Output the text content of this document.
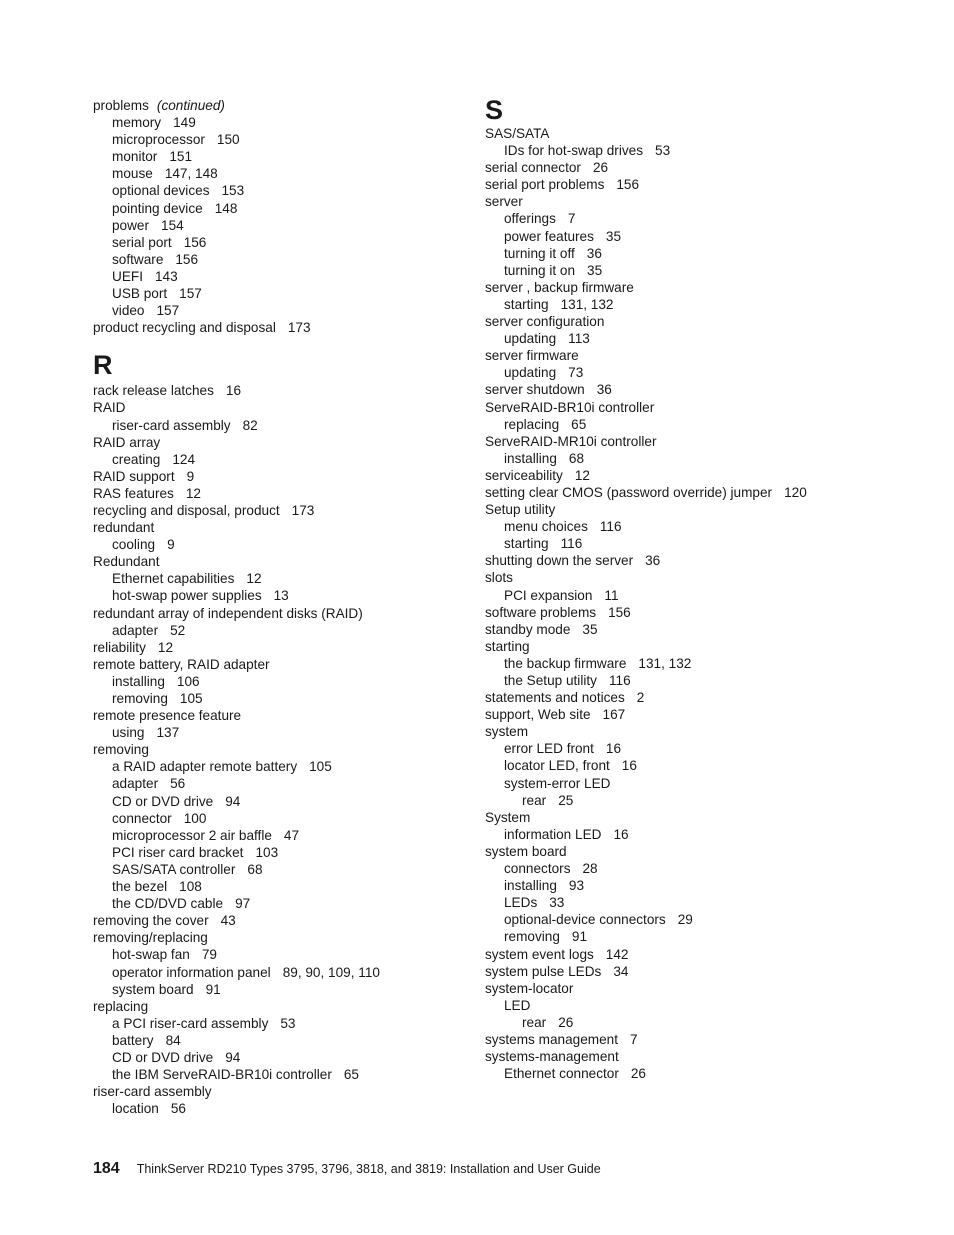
problems (continued)
memory 149
microprocessor 150
monitor 151
mouse 147, 148
optional devices 153
pointing device 148
power 154
serial port 156
software 156
UEFI 143
USB port 157
video 157
product recycling and disposal 173
R
rack release latches 16
RAID
riser-card assembly 82
RAID array
creating 124
RAID support 9
RAS features 12
recycling and disposal, product 173
redundant
cooling 9
Redundant
Ethernet capabilities 12
hot-swap power supplies 13
redundant array of independent disks (RAID)
adapter 52
reliability 12
remote battery, RAID adapter
installing 106
removing 105
remote presence feature
using 137
removing
a RAID adapter remote battery 105
adapter 56
CD or DVD drive 94
connector 100
microprocessor 2 air baffle 47
PCI riser card bracket 103
SAS/SATA controller 68
the bezel 108
the CD/DVD cable 97
removing the cover 43
removing/replacing
hot-swap fan 79
operator information panel 89, 90, 109, 110
system board 91
replacing
a PCI riser-card assembly 53
battery 84
CD or DVD drive 94
the IBM ServeRAID-BR10i controller 65
riser-card assembly
location 56
S
SAS/SATA
IDs for hot-swap drives 53
serial connector 26
serial port problems 156
server
offerings 7
power features 35
turning it off 36
turning it on 35
server , backup firmware
starting 131, 132
server configuration
updating 113
server firmware
updating 73
server shutdown 36
ServeRAID-BR10i controller
replacing 65
ServeRAID-MR10i controller
installing 68
serviceability 12
setting clear CMOS (password override) jumper 120
Setup utility
menu choices 116
starting 116
shutting down the server 36
slots
PCI expansion 11
software problems 156
standby mode 35
starting
the backup firmware 131, 132
the Setup utility 116
statements and notices 2
support, Web site 167
system
error LED front 16
locator LED, front 16
system-error LED
rear 25
System
information LED 16
system board
connectors 28
installing 93
LEDs 33
optional-device connectors 29
removing 91
system event logs 142
system pulse LEDs 34
system-locator
LED
rear 26
systems management 7
systems-management
Ethernet connector 26
184 ThinkServer RD210 Types 3795, 3796, 3818, and 3819: Installation and User Guide
